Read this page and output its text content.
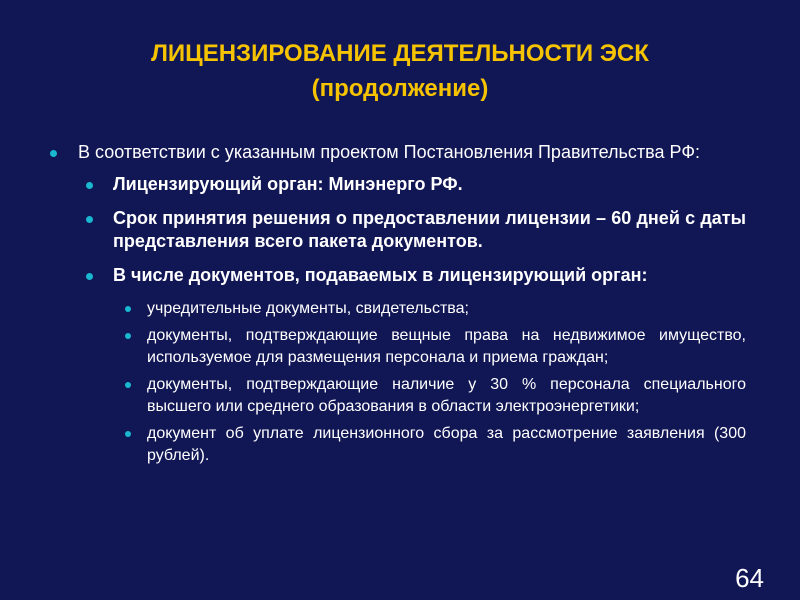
ЛИЦЕНЗИРОВАНИЕ ДЕЯТЕЛЬНОСТИ ЭСК
(продолжение)
В соответствии с указанным проектом Постановления Правительства РФ:
Лицензирующий орган: Минэнерго РФ.
Срок принятия решения о предоставлении лицензии – 60 дней с даты представления всего пакета документов.
В числе документов, подаваемых в лицензирующий орган:
учредительные документы, свидетельства;
документы, подтверждающие вещные права на недвижимое имущество, используемое для размещения персонала и приема граждан;
документы, подтверждающие наличие у 30 % персонала специального высшего или среднего образования в области электроэнергетики;
документ об уплате лицензионного сбора за рассмотрение заявления (300 рублей).
64
